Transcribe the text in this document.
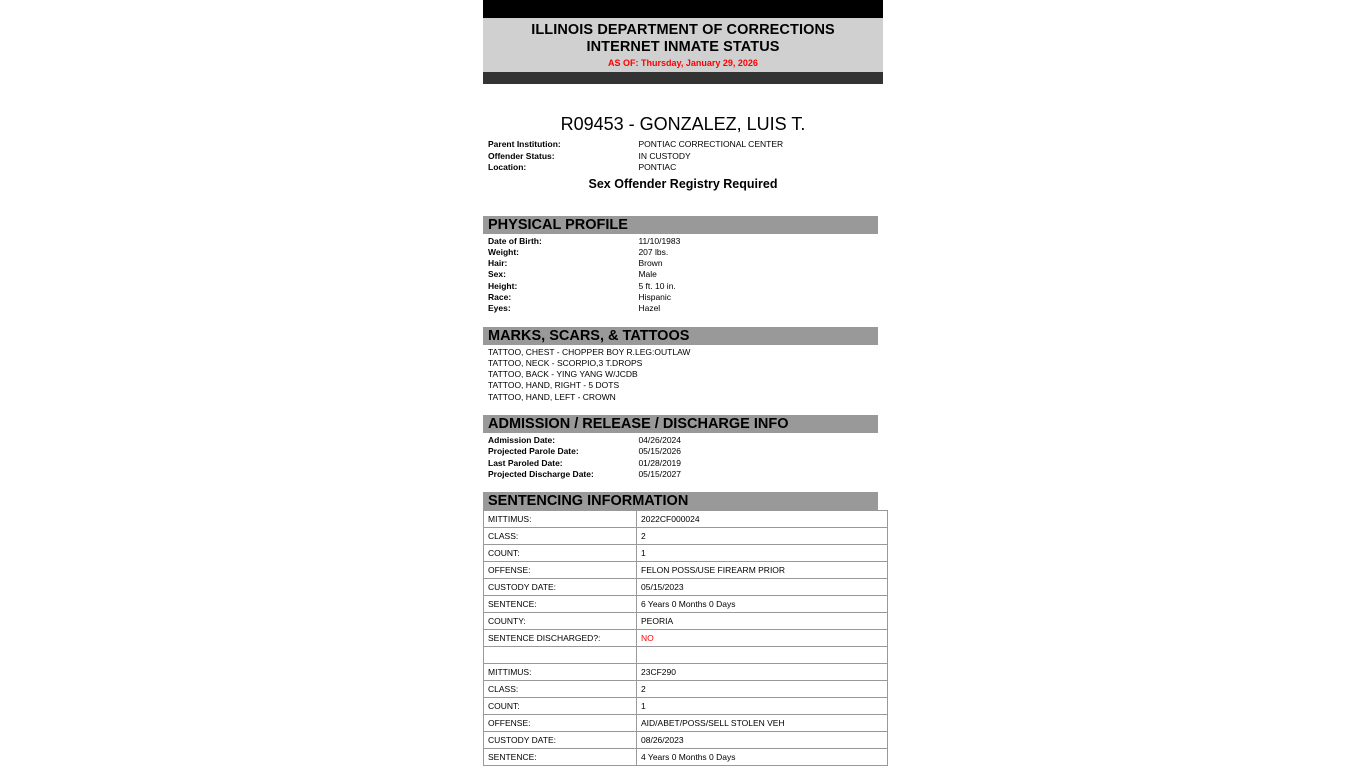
ILLINOIS DEPARTMENT OF CORRECTIONS
INTERNET INMATE STATUS
AS OF: Thursday, January 29, 2026
R09453 - GONZALEZ, LUIS T.
Parent Institution:	PONTIAC CORRECTIONAL CENTER
Offender Status:	IN CUSTODY
Location:	PONTIAC
Sex Offender Registry Required
PHYSICAL PROFILE
Date of Birth:	11/10/1983
Weight:	207 lbs.
Hair:	Brown
Sex:	Male
Height:	5 ft. 10 in.
Race:	Hispanic
Eyes:	Hazel
MARKS, SCARS, & TATTOOS
TATTOO, CHEST - CHOPPER BOY R.LEG:OUTLAW
TATTOO, NECK - SCORPIO,3 T.DROPS
TATTOO, BACK - YING YANG W/JCDB
TATTOO, HAND, RIGHT - 5 DOTS
TATTOO, HAND, LEFT - CROWN
ADMISSION / RELEASE / DISCHARGE INFO
Admission Date:	04/26/2024
Projected Parole Date:	05/15/2026
Last Paroled Date:	01/28/2019
Projected Discharge Date:	05/15/2027
SENTENCING INFORMATION
MITTIMUS:	2022CF000024
CLASS:	2
COUNT:	1
OFFENSE:	FELON POSS/USE FIREARM PRIOR
CUSTODY DATE:	05/15/2023
SENTENCE:	6 Years 0 Months 0 Days
COUNTY:	PEORIA
SENTENCE DISCHARGED?:	NO

MITTIMUS:	23CF290
CLASS:	2
COUNT:	1
OFFENSE:	AID/ABET/POSS/SELL STOLEN VEH
CUSTODY DATE:	08/26/2023
SENTENCE:	4 Years 0 Months 0 Days
